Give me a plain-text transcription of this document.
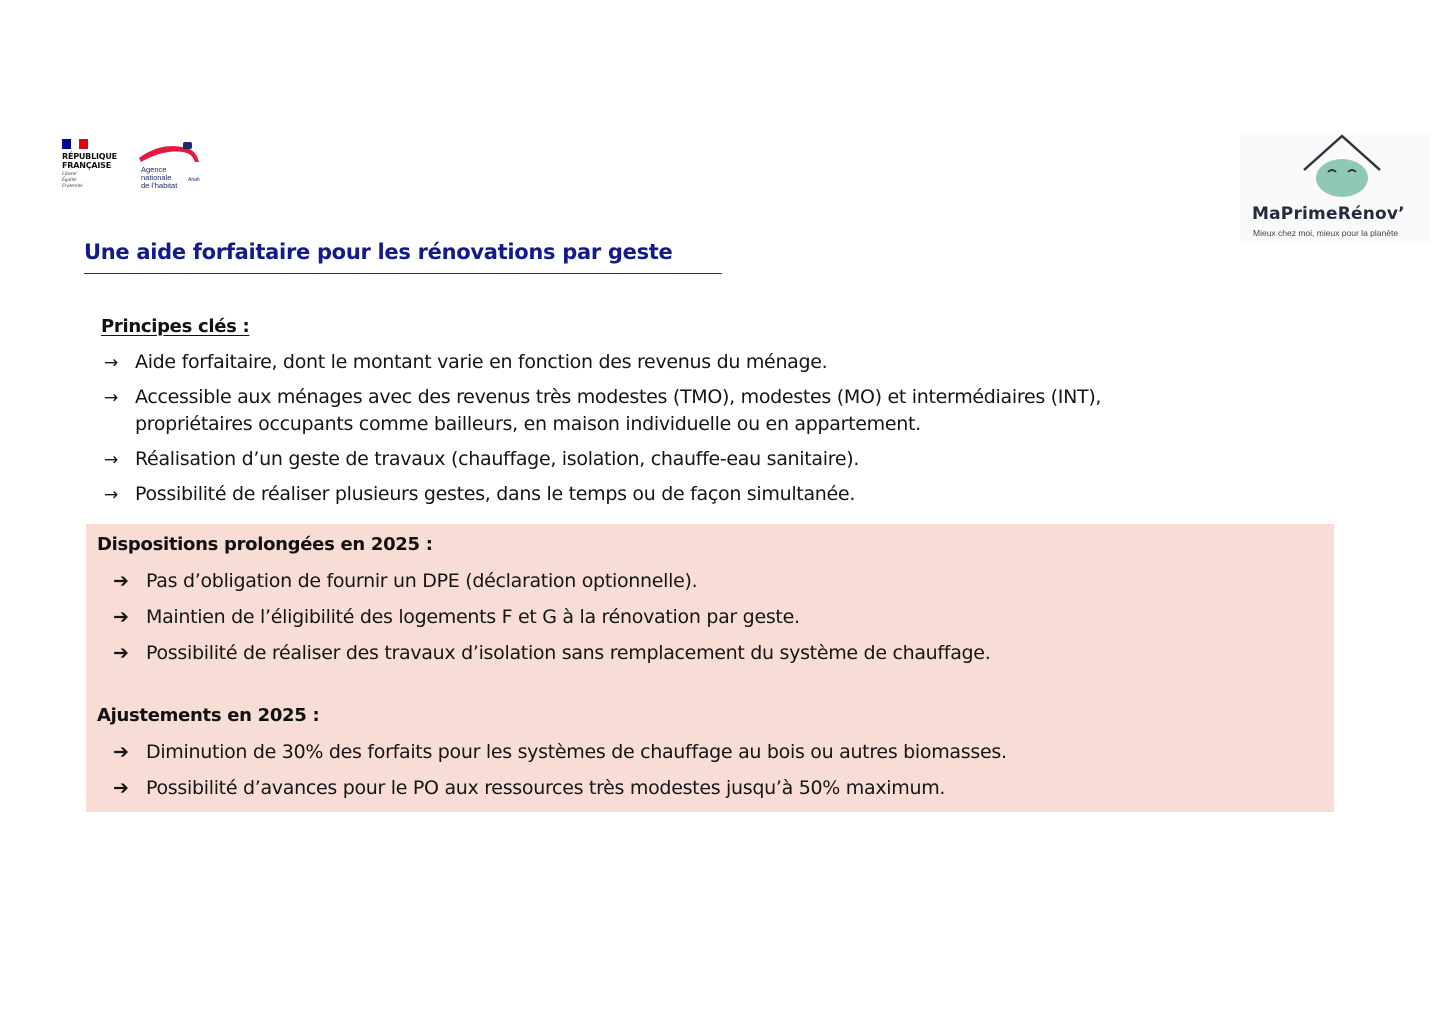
RÉPUBLIQUE
FRANÇAISE
Liberté
Égalité
Fraternité
Agence
nationale
de l’habitat
Anah
MaPrimeRénov’
Mieux chez moi, mieux pour la planète
Une aide forfaitaire pour les rénovations par geste
Principes clés :
→ Aide forfaitaire, dont le montant varie en fonction des revenus du ménage.
→ Accessible aux ménages avec des revenus très modestes (TMO), modestes (MO) et intermédiaires (INT),
propriétaires occupants comme bailleurs, en maison individuelle ou en appartement.
→ Réalisation d’un geste de travaux (chauffage, isolation, chauffe-eau sanitaire).
→ Possibilité de réaliser plusieurs gestes, dans le temps ou de façon simultanée.
Dispositions prolongées en 2025 :
➔ Pas d’obligation de fournir un DPE (déclaration optionnelle).
➔ Maintien de l’éligibilité des logements F et G à la rénovation par geste.
➔ Possibilité de réaliser des travaux d’isolation sans remplacement du système de chauffage.
Ajustements en 2025 :
➔ Diminution de 30% des forfaits pour les systèmes de chauffage au bois ou autres biomasses.
➔ Possibilité d’avances pour le PO aux ressources très modestes jusqu’à 50% maximum.
